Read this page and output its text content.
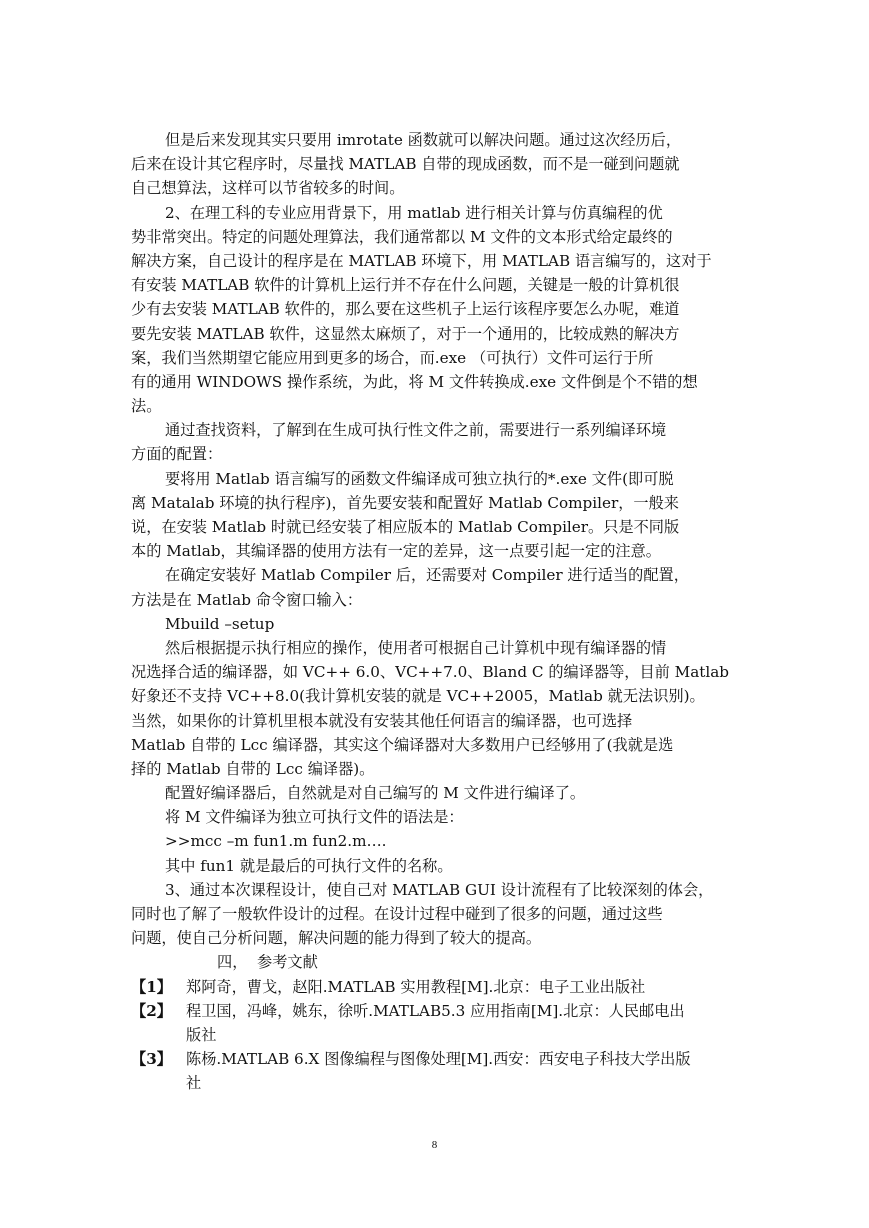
但是后来发现其实只要用 imrotate 函数就可以解决问题。通过这次经历后，
后来在设计其它程序时，尽量找 MATLAB 自带的现成函数，而不是一碰到问题就
自己想算法，这样可以节省较多的时间。
2、在理工科的专业应用背景下，用 matlab 进行相关计算与仿真编程的优
势非常突出。特定的问题处理算法，我们通常都以 M 文件的文本形式给定最终的
解决方案，自己设计的程序是在 MATLAB 环境下，用 MATLAB 语言编写的，这对于
有安装 MATLAB 软件的计算机上运行并不存在什么问题，关键是一般的计算机很
少有去安装 MATLAB 软件的，那么要在这些机子上运行该程序要怎么办呢，难道
要先安装 MATLAB 软件，这显然太麻烦了，对于一个通用的，比较成熟的解决方
案，我们当然期望它能应用到更多的场合，而.exe （可执行）文件可运行于所
有的通用 WINDOWS 操作系统，为此，将 M 文件转换成.exe 文件倒是个不错的想
法。
通过查找资料，了解到在生成可执行性文件之前，需要进行一系列编译环境
方面的配置：
要将用 Matlab 语言编写的函数文件编译成可独立执行的*.exe 文件(即可脱
离 Matalab 环境的执行程序)，首先要安装和配置好 Matlab Compiler，一般来
说，在安装 Matlab 时就已经安装了相应版本的 Matlab Compiler。只是不同版
本的 Matlab，其编译器的使用方法有一定的差异，这一点要引起一定的注意。
在确定安装好 Matlab Compiler 后，还需要对 Compiler 进行适当的配置，
方法是在 Matlab 命令窗口输入：
Mbuild –setup
然后根据提示执行相应的操作，使用者可根据自己计算机中现有编译器的情
况选择合适的编译器，如 VC++ 6.0、VC++7.0、Bland C 的编译器等，目前 Matlab
好象还不支持 VC++8.0(我计算机安装的就是 VC++2005，Matlab 就无法识别)。
当然，如果你的计算机里根本就没有安装其他任何语言的编译器，也可选择
Matlab 自带的 Lcc 编译器，其实这个编译器对大多数用户已经够用了(我就是选
择的 Matlab 自带的 Lcc 编译器)。
配置好编译器后，自然就是对自己编写的 M 文件进行编译了。
将 M 文件编译为独立可执行文件的语法是：
>>mcc –m fun1.m fun2.m….
其中 fun1 就是最后的可执行文件的名称。
3、通过本次课程设计，使自己对 MATLAB GUI 设计流程有了比较深刻的体会，
同时也了解了一般软件设计的过程。在设计过程中碰到了很多的问题，通过这些
问题，使自己分析问题，解决问题的能力得到了较大的提高。
四，  参考文献
【1】 郑阿奇，曹戈，赵阳.MATLAB 实用教程[M].北京：电子工业出版社
【2】 程卫国，冯峰，姚东，徐听.MATLAB5.3 应用指南[M].北京：人民邮电出
版社
【3】 陈杨.MATLAB 6.X 图像编程与图像处理[M].西安：西安电子科技大学出版
社
8
